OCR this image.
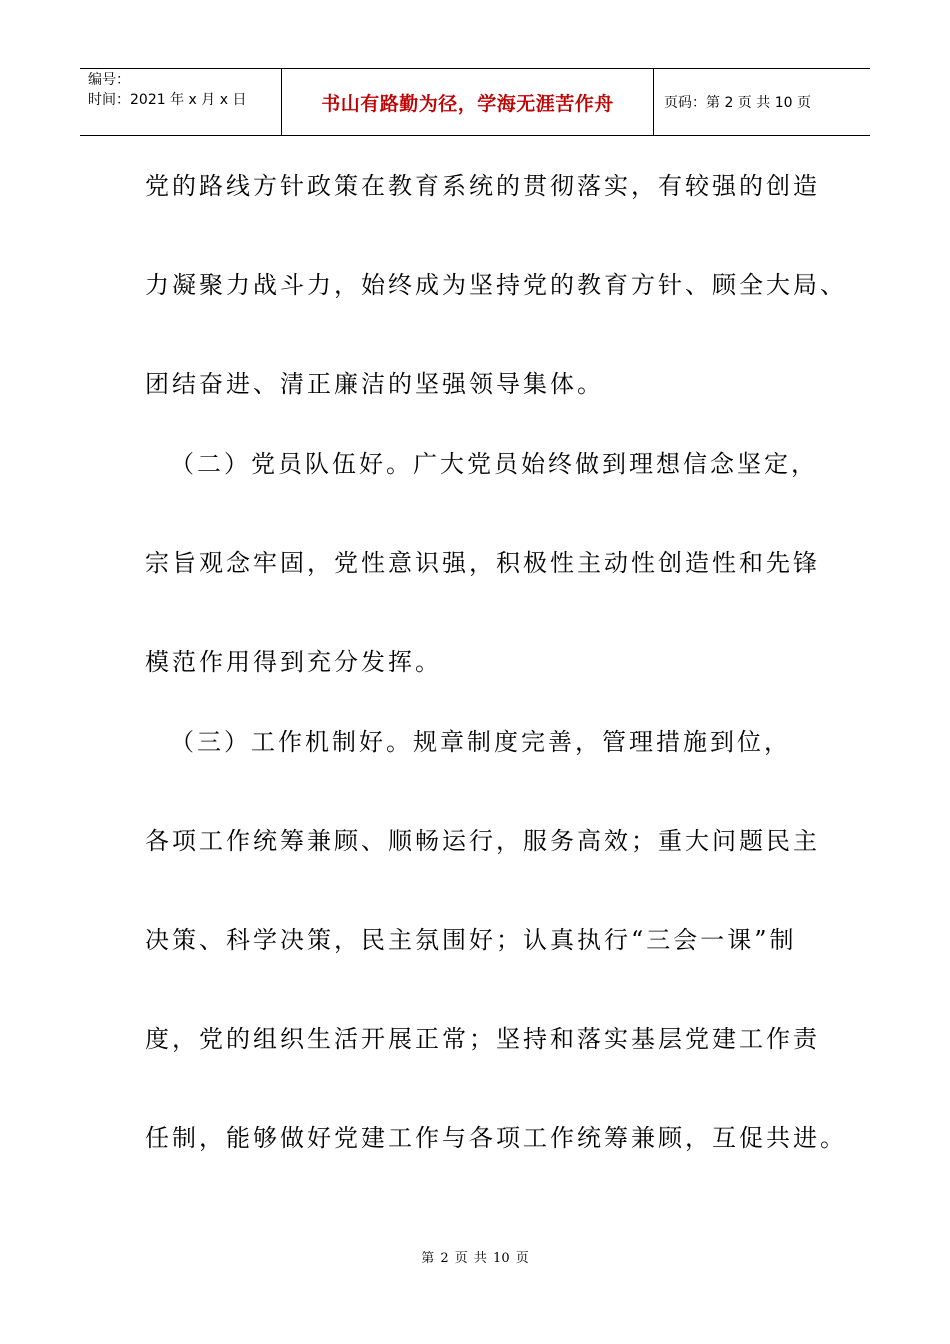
编号：
时间：2021 年 x 月 x 日	书山有路勤为径，学海无涯苦作舟	页码：第 2 页 共 10 页
党的路线方针政策在教育系统的贯彻落实，有较强的创造
力凝聚力战斗力，始终成为坚持党的教育方针、顾全大局、
团结奋进、清正廉洁的坚强领导集体。
（二）党员队伍好。广大党员始终做到理想信念坚定，
宗旨观念牢固，党性意识强，积极性主动性创造性和先锋
模范作用得到充分发挥。
（三）工作机制好。规章制度完善，管理措施到位，
各项工作统筹兼顾、顺畅运行，服务高效；重大问题民主
决策、科学决策，民主氛围好；认真执行“三会一课”制
度，党的组织生活开展正常；坚持和落实基层党建工作责
任制，能够做好党建工作与各项工作统筹兼顾，互促共进。
第 2 页 共 10 页
